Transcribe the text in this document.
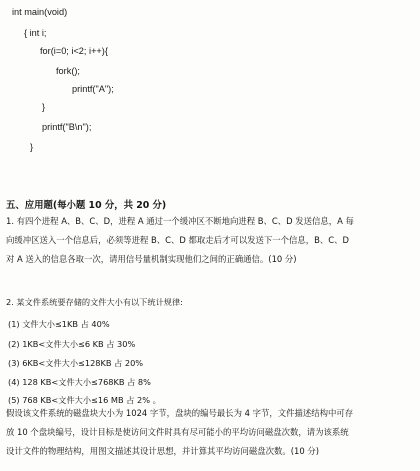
int main(void)
{ int i;
for(i=0; i<2; i++){
fork();
printf("A");
}
printf("B\n");
}
五、应用题(每小题 10 分，共 20 分)
1. 有四个进程 A、B、C、D，进程 A 通过一个缓冲区不断地向进程 B、C、D 发送信息，A 每
向缓冲区送入一个信息后，必须等进程 B、C、D 都取走后才可以发送下一个信息，B、C、D
对 A 送入的信息各取一次，请用信号量机制实现他们之间的正确通信。(10 分)
2. 某文件系统要存储的文件大小有以下统计规律:
(1) 文件大小≤1KB 占 40%
(2) 1KB<文件大小≤6 KB 占 30%
(3) 6KB<文件大小≤128KB 占 20%
(4) 128 KB<文件大小≤768KB 占 8%
(5) 768 KB<文件大小≤16 MB 占 2% 。
假设该文件系统的磁盘块大小为 1024 字节，盘块的编号最长为 4 字节，文件描述结构中可存
放 10 个盘块编号，设计目标是使访问文件时具有尽可能小的平均访问磁盘次数，请为该系统
设计文件的物理结构，用图文描述其设计思想，并计算其平均访问磁盘次数。(10 分)
